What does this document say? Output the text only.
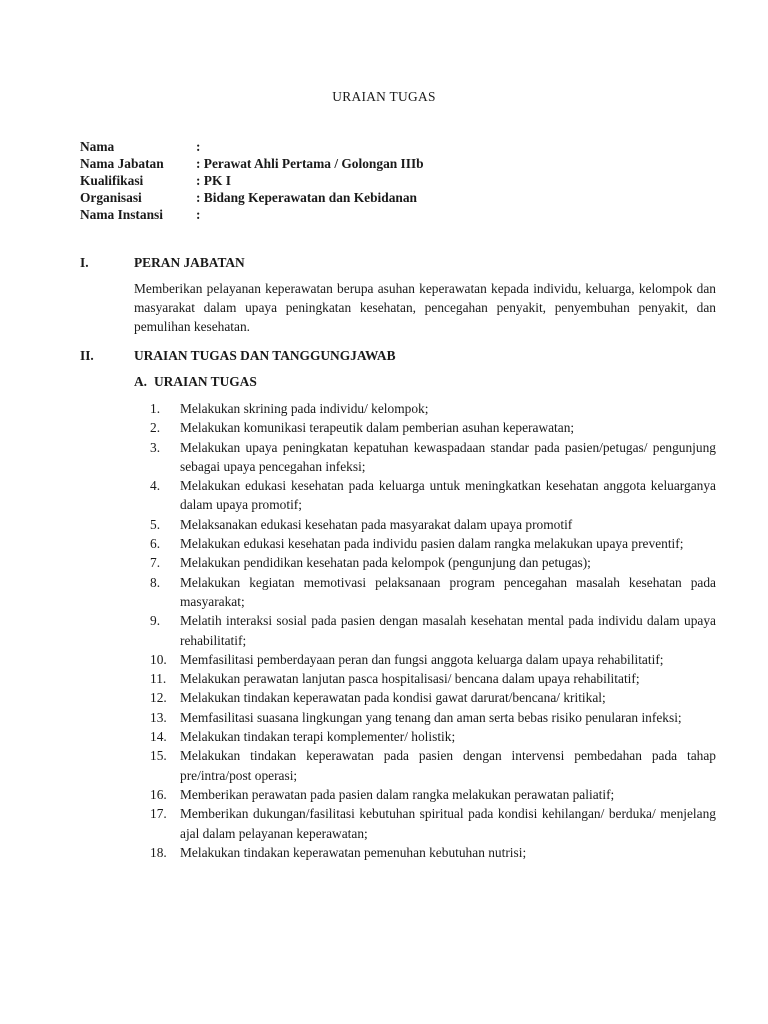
URAIAN TUGAS
Nama	:
Nama Jabatan	: Perawat Ahli Pertama / Golongan IIIb
Kualifikasi	: PK I
Organisasi	: Bidang Keperawatan dan Kebidanan
Nama Instansi	:
I.	PERAN JABATAN
Memberikan pelayanan keperawatan berupa asuhan keperawatan kepada individu, keluarga, kelompok dan masyarakat dalam upaya peningkatan kesehatan, pencegahan penyakit, penyembuhan penyakit, dan pemulihan kesehatan.
II.	URAIAN TUGAS DAN TANGGUNGJAWAB
A. URAIAN TUGAS
1.	Melakukan skrining pada individu/ kelompok;
2.	Melakukan komunikasi terapeutik dalam pemberian asuhan keperawatan;
3.	Melakukan upaya peningkatan kepatuhan kewaspadaan standar pada pasien/petugas/ pengunjung sebagai upaya pencegahan infeksi;
4.	Melakukan edukasi kesehatan pada keluarga untuk meningkatkan kesehatan anggota keluarganya dalam upaya promotif;
5.	Melaksanakan edukasi kesehatan pada masyarakat dalam upaya promotif
6.	Melakukan edukasi kesehatan pada individu pasien dalam rangka melakukan upaya preventif;
7.	Melakukan pendidikan kesehatan pada kelompok (pengunjung dan petugas);
8.	Melakukan kegiatan memotivasi pelaksanaan program pencegahan masalah kesehatan pada masyarakat;
9.	Melatih interaksi sosial pada pasien dengan masalah kesehatan mental pada individu dalam upaya rehabilitatif;
10. Memfasilitasi pemberdayaan peran dan fungsi anggota keluarga dalam upaya rehabilitatif;
11.	Melakukan perawatan lanjutan pasca hospitalisasi/ bencana dalam upaya rehabilitatif;
12. Melakukan tindakan keperawatan pada kondisi gawat darurat/bencana/ kritikal;
13. Memfasilitasi suasana lingkungan yang tenang dan aman serta bebas risiko penularan infeksi;
14. Melakukan tindakan terapi komplementer/ holistik;
15. Melakukan tindakan keperawatan pada pasien dengan intervensi pembedahan pada tahap pre/intra/post operasi;
16. Memberikan perawatan pada pasien dalam rangka melakukan perawatan paliatif;
17. Memberikan dukungan/fasilitasi kebutuhan spiritual pada kondisi kehilangan/ berduka/ menjelang ajal dalam pelayanan keperawatan;
18. Melakukan tindakan keperawatan pemenuhan kebutuhan nutrisi;
